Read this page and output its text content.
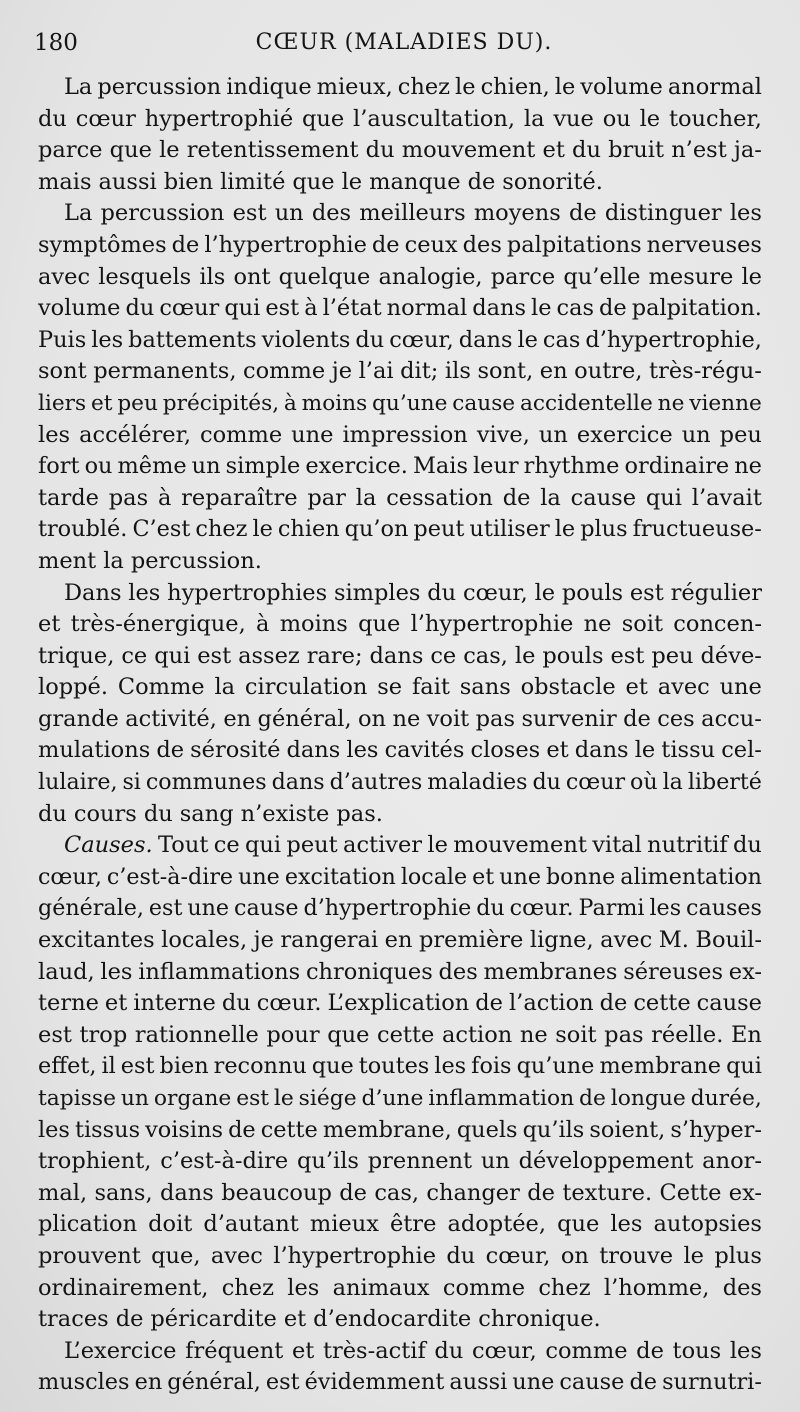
180	CŒUR (MALADIES DU).
La percussion indique mieux, chez le chien, le volume anormal
du cœur hypertrophié que l’auscultation, la vue ou le toucher,
parce que le retentissement du mouvement et du bruit n’est ja-
mais aussi bien limité que le manque de sonorité.
La percussion est un des meilleurs moyens de distinguer les
symptômes de l’hypertrophie de ceux des palpitations nerveuses
avec lesquels ils ont quelque analogie, parce qu’elle mesure le
volume du cœur qui est à l’état normal dans le cas de palpitation.
Puis les battements violents du cœur, dans le cas d’hypertrophie,
sont permanents, comme je l’ai dit; ils sont, en outre, très-régu-
liers et peu précipités, à moins qu’une cause accidentelle ne vienne
les accélérer, comme une impression vive, un exercice un peu
fort ou même un simple exercice. Mais leur rhythme ordinaire ne
tarde pas à reparaître par la cessation de la cause qui l’avait
troublé. C’est chez le chien qu’on peut utiliser le plus fructueuse-
ment la percussion.
Dans les hypertrophies simples du cœur, le pouls est régulier
et très-énergique, à moins que l’hypertrophie ne soit concen-
trique, ce qui est assez rare; dans ce cas, le pouls est peu déve-
loppé. Comme la circulation se fait sans obstacle et avec une
grande activité, en général, on ne voit pas survenir de ces accu-
mulations de sérosité dans les cavités closes et dans le tissu cel-
lulaire, si communes dans d’autres maladies du cœur où la liberté
du cours du sang n’existe pas.
Causes. Tout ce qui peut activer le mouvement vital nutritif du
cœur, c’est-à-dire une excitation locale et une bonne alimentation
générale, est une cause d’hypertrophie du cœur. Parmi les causes
excitantes locales, je rangerai en première ligne, avec M. Bouil-
laud, les inflammations chroniques des membranes séreuses ex-
terne et interne du cœur. L’explication de l’action de cette cause
est trop rationnelle pour que cette action ne soit pas réelle. En
effet, il est bien reconnu que toutes les fois qu’une membrane qui
tapisse un organe est le siége d’une inflammation de longue durée,
les tissus voisins de cette membrane, quels qu’ils soient, s’hyper-
trophient, c’est-à-dire qu’ils prennent un développement anor-
mal, sans, dans beaucoup de cas, changer de texture. Cette ex-
plication doit d’autant mieux être adoptée, que les autopsies
prouvent que, avec l’hypertrophie du cœur, on trouve le plus
ordinairement, chez les animaux comme chez l’homme, des
traces de péricardite et d’endocardite chronique.
L’exercice fréquent et très-actif du cœur, comme de tous les
muscles en général, est évidemment aussi une cause de surnutri-
